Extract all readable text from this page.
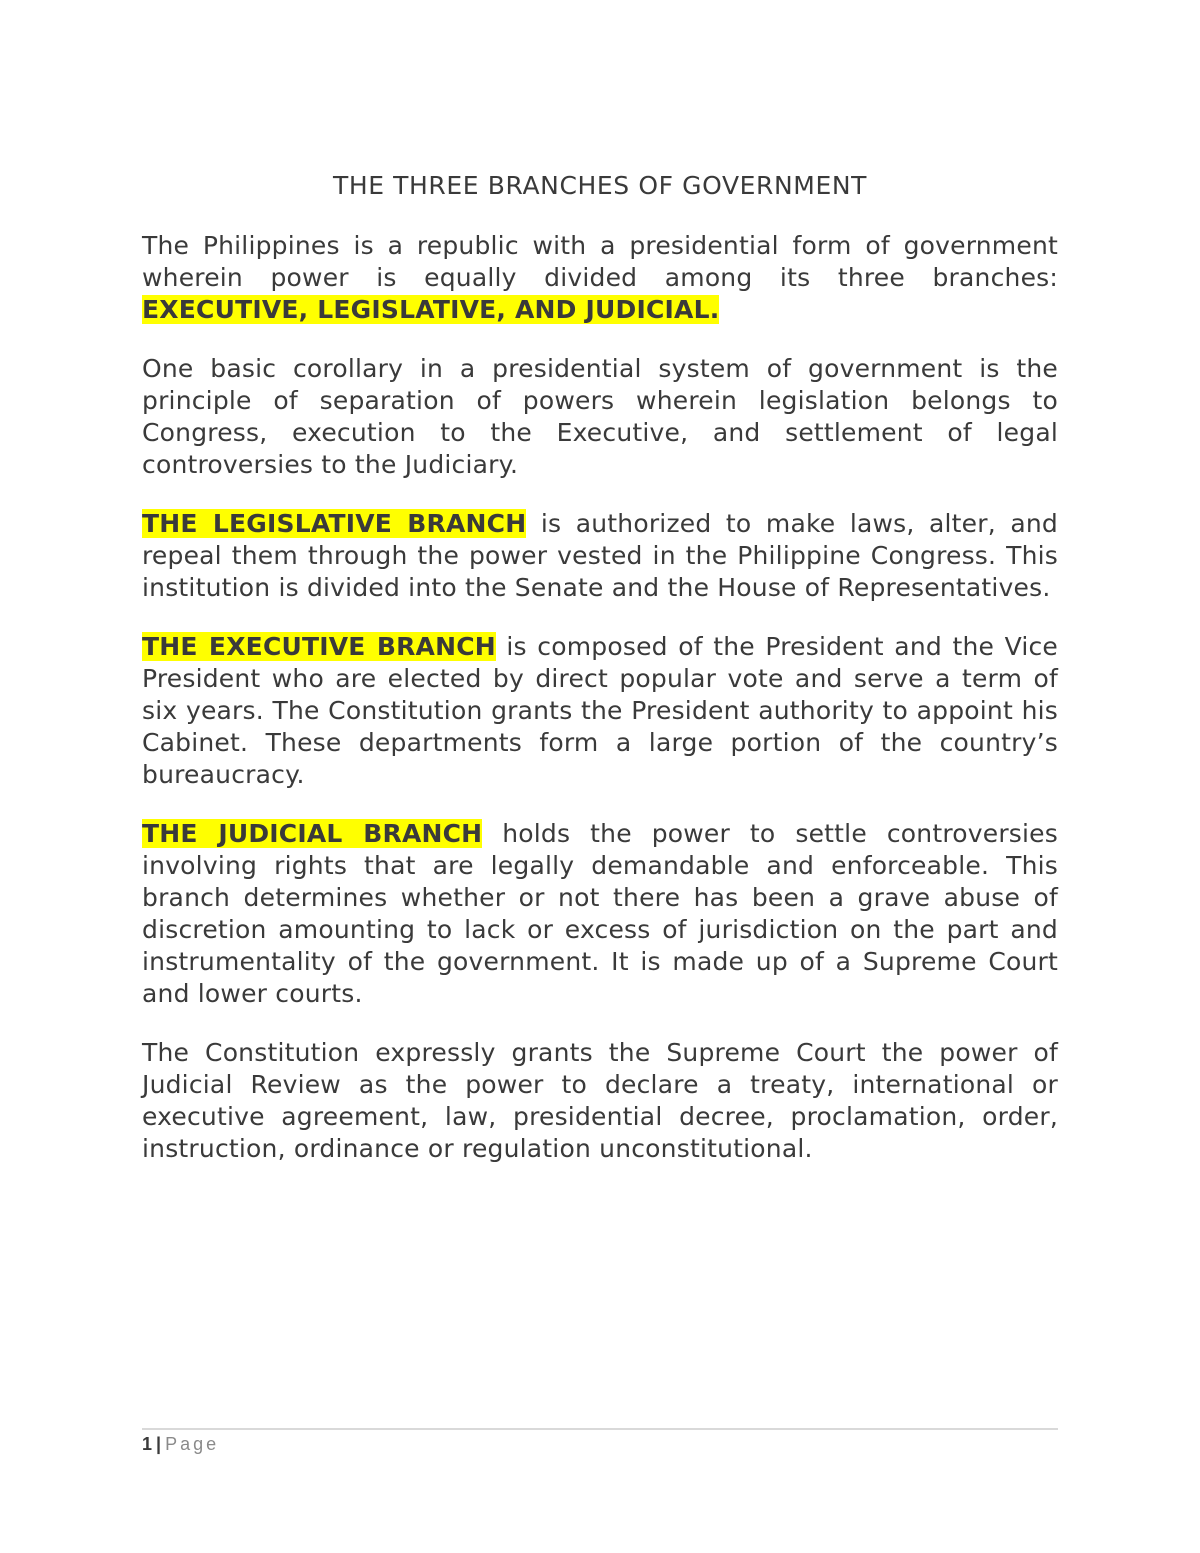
THE THREE BRANCHES OF GOVERNMENT

The Philippines is a republic with a presidential form of government wherein power is equally divided among its three branches: EXECUTIVE, LEGISLATIVE, AND JUDICIAL.

One basic corollary in a presidential system of government is the principle of separation of powers wherein legislation belongs to Congress, execution to the Executive, and settlement of legal controversies to the Judiciary.

THE LEGISLATIVE BRANCH is authorized to make laws, alter, and repeal them through the power vested in the Philippine Congress. This institution is divided into the Senate and the House of Representatives.

THE EXECUTIVE BRANCH is composed of the President and the Vice President who are elected by direct popular vote and serve a term of six years. The Constitution grants the President authority to appoint his Cabinet. These departments form a large portion of the country’s bureaucracy.

THE JUDICIAL BRANCH holds the power to settle controversies involving rights that are legally demandable and enforceable. This branch determines whether or not there has been a grave abuse of discretion amounting to lack or excess of jurisdiction on the part and instrumentality of the government. It is made up of a Supreme Court and lower courts.

The Constitution expressly grants the Supreme Court the power of Judicial Review as the power to declare a treaty, international or executive agreement, law, presidential decree, proclamation, order, instruction, ordinance or regulation unconstitutional.

1 | Page
